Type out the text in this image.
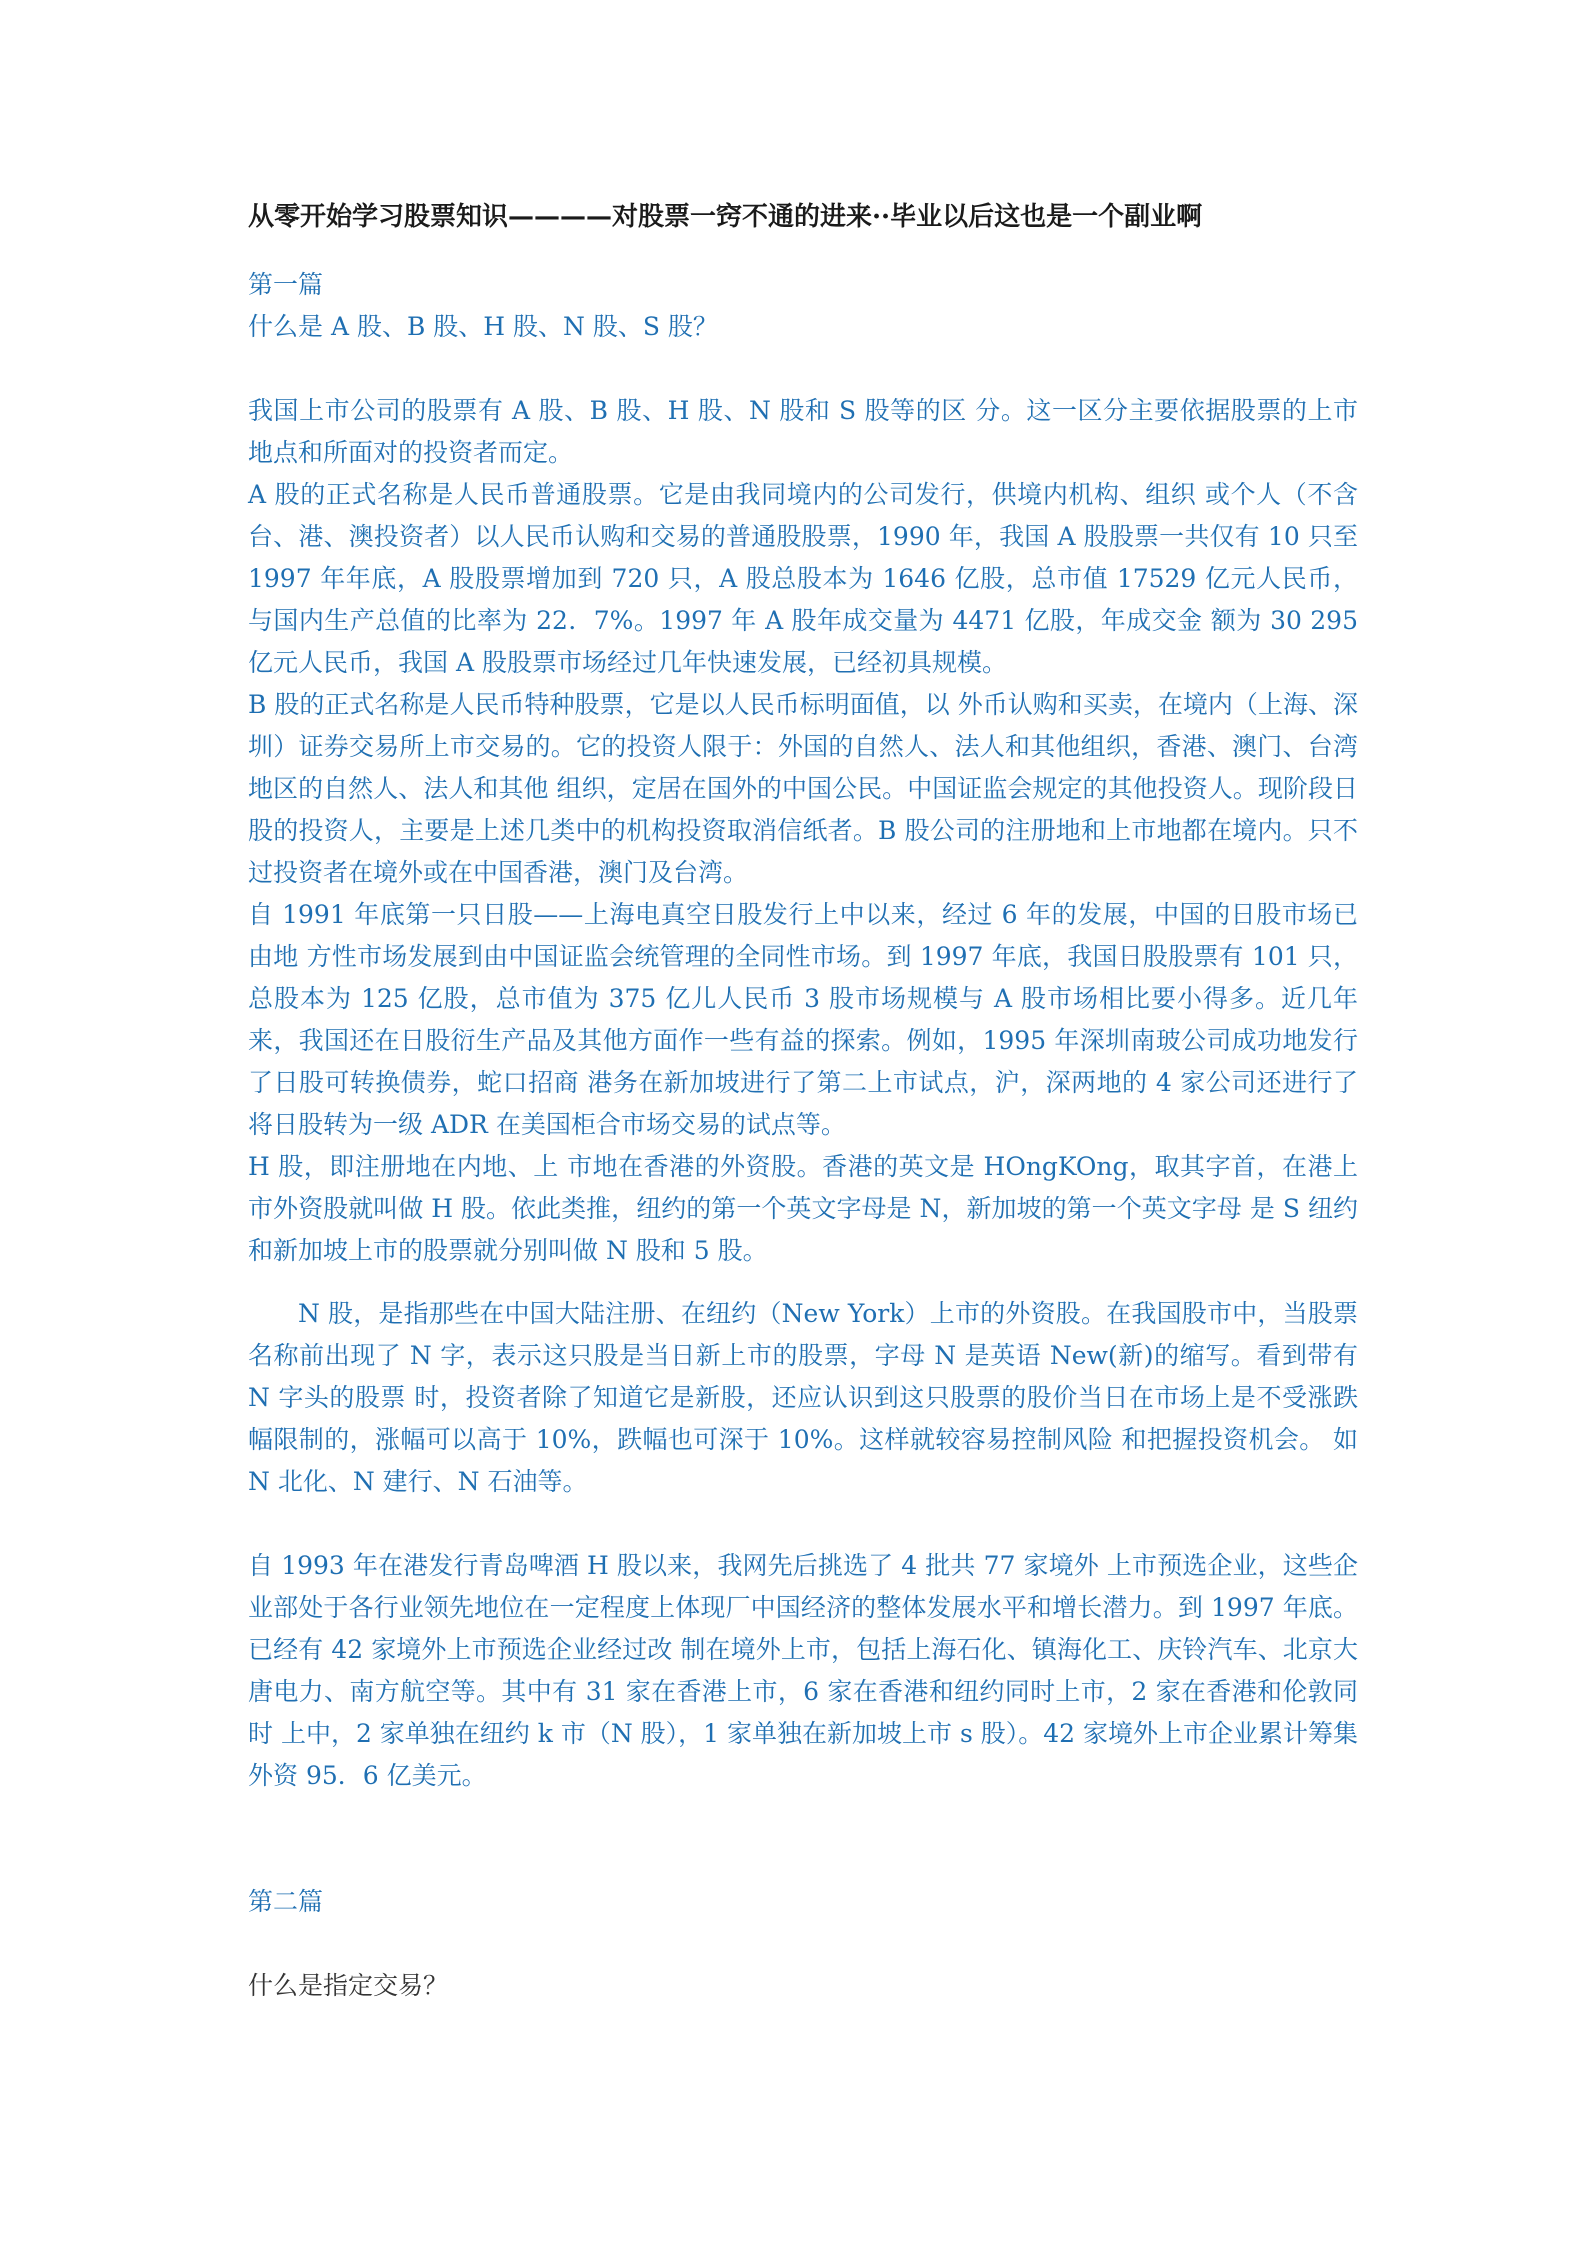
从零开始学习股票知识————对股票一窍不通的进来··毕业以后这也是一个副业啊

第一篇

什么是 A 股、B 股、H 股、N 股、S 股？

我国上市公司的股票有 A 股、B 股、H 股、N 股和 S 股等的区 分。这一区分主要依据股票的上市地点和所面对的投资者而定。

A 股的正式名称是人民币普通股票。它是由我同境内的公司发行，供境内机构、组织 或个人（不含台、港、澳投资者）以人民币认购和交易的普通股股票，1990 年，我国 A 股股票一共仅有 10 只至 1997 年年底，A 股股票增加到 720 只，A 股总股本为 1646 亿股，总市值 17529 亿元人民币，与国内生产总值的比率为 22．7%。1997 年 A 股年成交量为 4471 亿股，年成交金 额为 30 295 亿元人民币，我国 A 股股票市场经过几年快速发展，已经初具规模。

B 股的正式名称是人民币特种股票，它是以人民币标明面值，以 外币认购和买卖，在境内（上海、深圳）证券交易所上市交易的。它的投资人限于：外国的自然人、法人和其他组织，香港、澳门、台湾地区的自然人、法人和其他 组织，定居在国外的中国公民。中国证监会规定的其他投资人。现阶段日股的投资人，主要是上述几类中的机构投资取消信纸者。B 股公司的注册地和上市地都在境内。只不 过投资者在境外或在中国香港，澳门及台湾。

自 1991 年底第一只日股——上海电真空日股发行上中以来，经过 6 年的发展，中国的日股市场已由地 方性市场发展到由中国证监会统管理的全同性市场。到 1997 年底，我国日股股票有 101 只，总股本为 125 亿股，总市值为 375 亿儿人民币 3 股市场规模与 A 股市场相比要小得多。近几年来，我国还在日股衍生产品及其他方面作一些有益的探索。例如，1995 年深圳南玻公司成功地发行了日股可转换债券，蛇口招商 港务在新加坡进行了第二上市试点，沪，深两地的 4 家公司还进行了将日股转为一级 ADR 在美国柜合市场交易的试点等。

H 股，即注册地在内地、上 市地在香港的外资股。香港的英文是 HOngKOng，取其字首，在港上市外资股就叫做 H 股。依此类推，纽约的第一个英文字母是 N，新加坡的第一个英文字母 是 S 纽约和新加坡上市的股票就分别叫做 N 股和 5 股。

N 股，是指那些在中国大陆注册、在纽约（New York）上市的外资股。在我国股市中，当股票名称前出现了 N 字，表示这只股是当日新上市的股票，字母 N 是英语 New(新)的缩写。看到带有 N 字头的股票 时，投资者除了知道它是新股，还应认识到这只股票的股价当日在市场上是不受涨跌幅限制的，涨幅可以高于 10%，跌幅也可深于 10%。这样就较容易控制风险 和把握投资机会。 如 N 北化、N 建行、N 石油等。

自 1993 年在港发行青岛啤酒 H 股以来，我网先后挑选了 4 批共 77 家境外 上市预选企业，这些企业部处于各行业领先地位在一定程度上体现厂中国经济的整体发展水平和增长潜力。到 1997 年底。已经有 42 家境外上市预选企业经过改 制在境外上市，包括上海石化、镇海化工、庆铃汽车、北京大唐电力、南方航空等。其中有 31 家在香港上市，6 家在香港和纽约同时上市，2 家在香港和伦敦同时 上中，2 家单独在纽约 k 市（N 股），1 家单独在新加坡上市 s 股）。42 家境外上市企业累计筹集外资 95．6 亿美元。

第二篇

什么是指定交易？
